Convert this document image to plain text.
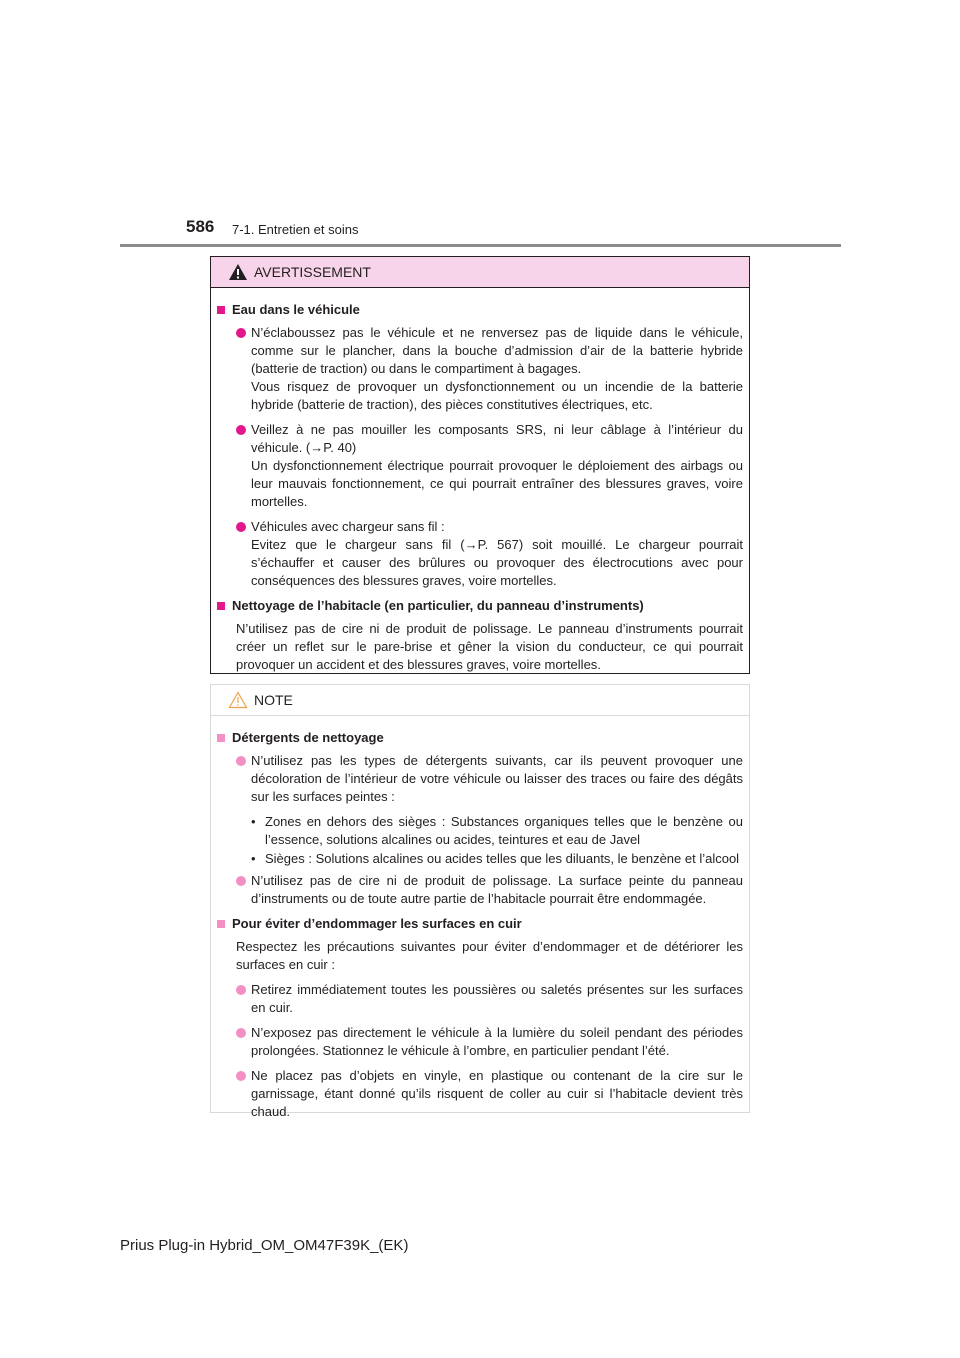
586 7-1. Entretien et soins
AVERTISSEMENT
Eau dans le véhicule
N’éclaboussez pas le véhicule et ne renversez pas de liquide dans le véhicule, comme sur le plancher, dans la bouche d’admission d’air de la batterie hybride (batterie de traction) ou dans le compartiment à bagages.
Vous risquez de provoquer un dysfonctionnement ou un incendie de la batterie hybride (batterie de traction), des pièces constitutives électriques, etc.
Veillez à ne pas mouiller les composants SRS, ni leur câblage à l’intérieur du véhicule. (→P. 40)
Un dysfonctionnement électrique pourrait provoquer le déploiement des airbags ou leur mauvais fonctionnement, ce qui pourrait entraîner des blessures graves, voire mortelles.
Véhicules avec chargeur sans fil :
Evitez que le chargeur sans fil (→P. 567) soit mouillé. Le chargeur pourrait s’échauffer et causer des brûlures ou provoquer des électrocutions avec pour conséquences des blessures graves, voire mortelles.
Nettoyage de l’habitacle (en particulier, du panneau d’instruments)
N’utilisez pas de cire ni de produit de polissage. Le panneau d’instruments pourrait créer un reflet sur le pare-brise et gêner la vision du conducteur, ce qui pourrait provoquer un accident et des blessures graves, voire mortelles.
NOTE
Détergents de nettoyage
N’utilisez pas les types de détergents suivants, car ils peuvent provoquer une décoloration de l’intérieur de votre véhicule ou laisser des traces ou faire des dégâts sur les surfaces peintes :
• Zones en dehors des sièges : Substances organiques telles que le benzène ou l’essence, solutions alcalines ou acides, teintures et eau de Javel
• Sièges : Solutions alcalines ou acides telles que les diluants, le benzène et l’alcool
N’utilisez pas de cire ni de produit de polissage. La surface peinte du panneau d’instruments ou de toute autre partie de l’habitacle pourrait être endommagée.
Pour éviter d’endommager les surfaces en cuir
Respectez les précautions suivantes pour éviter d’endommager et de détériorer les surfaces en cuir :
Retirez immédiatement toutes les poussières ou saletés présentes sur les surfaces en cuir.
N’exposez pas directement le véhicule à la lumière du soleil pendant des périodes prolongées. Stationnez le véhicule à l’ombre, en particulier pendant l’été.
Ne placez pas d’objets en vinyle, en plastique ou contenant de la cire sur le garnissage, étant donné qu’ils risquent de coller au cuir si l’habitacle devient très chaud.
Prius Plug-in Hybrid_OM_OM47F39K_(EK)
